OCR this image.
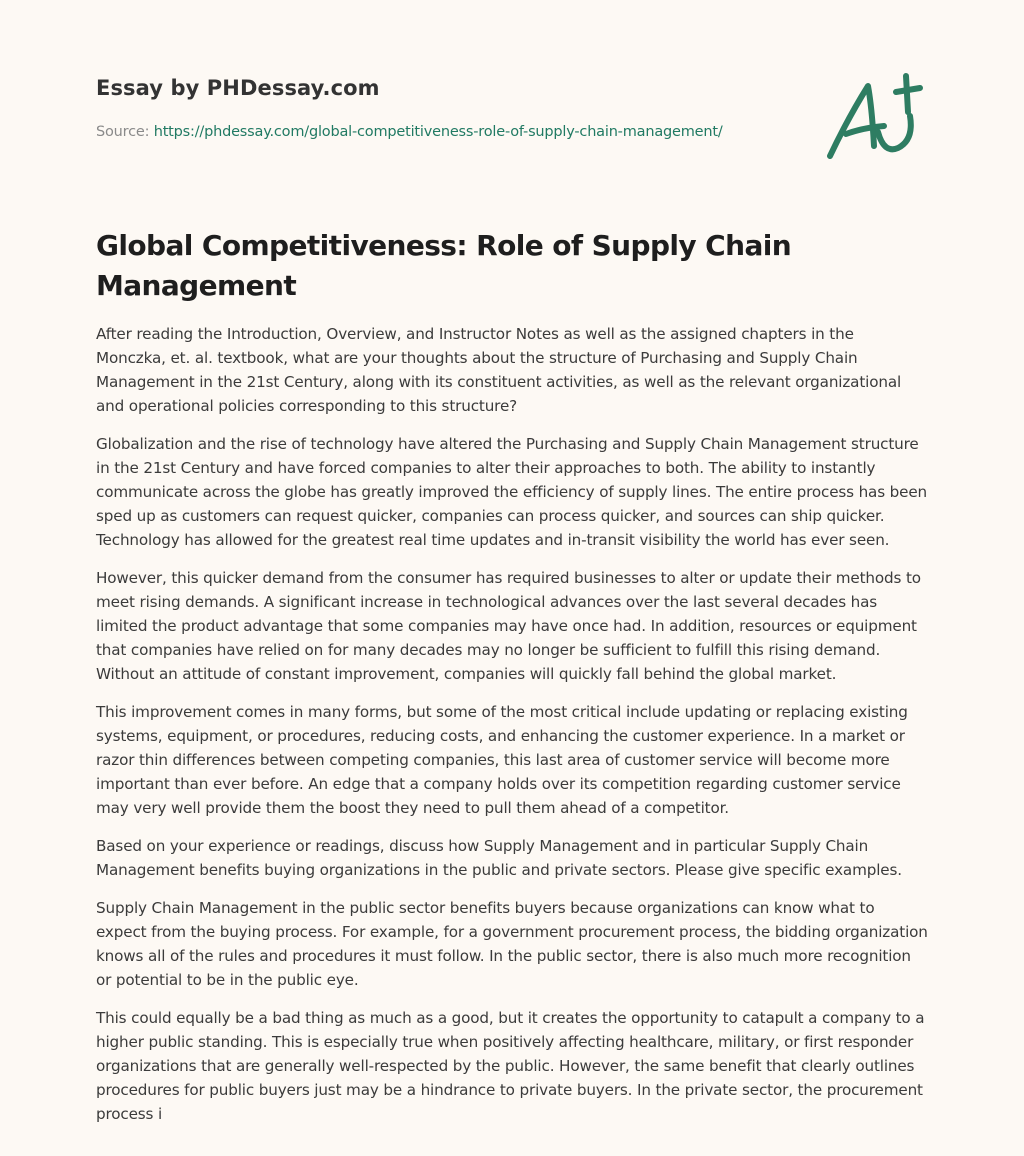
Essay by PHDessay.com
Source: https://phdessay.com/global-competitiveness-role-of-supply-chain-management/
Global Competitiveness: Role of Supply Chain Management

After reading the Introduction, Overview, and Instructor Notes as well as the assigned chapters in the Monczka, et. al. textbook, what are your thoughts about the structure of Purchasing and Supply Chain Management in the 21st Century, along with its constituent activities, as well as the relevant organizational and operational policies corresponding to this structure?

Globalization and the rise of technology have altered the Purchasing and Supply Chain Management structure in the 21st Century and have forced companies to alter their approaches to both. The ability to instantly communicate across the globe has greatly improved the efficiency of supply lines. The entire process has been sped up as customers can request quicker, companies can process quicker, and sources can ship quicker. Technology has allowed for the greatest real time updates and in-transit visibility the world has ever seen.

However, this quicker demand from the consumer has required businesses to alter or update their methods to meet rising demands. A significant increase in technological advances over the last several decades has limited the product advantage that some companies may have once had. In addition, resources or equipment that companies have relied on for many decades may no longer be sufficient to fulfill this rising demand. Without an attitude of constant improvement, companies will quickly fall behind the global market.

This improvement comes in many forms, but some of the most critical include updating or replacing existing systems, equipment, or procedures, reducing costs, and enhancing the customer experience. In a market or razor thin differences between competing companies, this last area of customer service will become more important than ever before. An edge that a company holds over its competition regarding customer service may very well provide them the boost they need to pull them ahead of a competitor.

Based on your experience or readings, discuss how Supply Management and in particular Supply Chain Management benefits buying organizations in the public and private sectors. Please give specific examples.

Supply Chain Management in the public sector benefits buyers because organizations can know what to expect from the buying process. For example, for a government procurement process, the bidding organization knows all of the rules and procedures it must follow. In the public sector, there is also much more recognition or potential to be in the public eye.

This could equally be a bad thing as much as a good, but it creates the opportunity to catapult a company to a higher public standing. This is especially true when positively affecting healthcare, military, or first responder organizations that are generally well-respected by the public. However, the same benefit that clearly outlines procedures for public buyers just may be a hindrance to private buyers. In the private sector, the procurement process i
